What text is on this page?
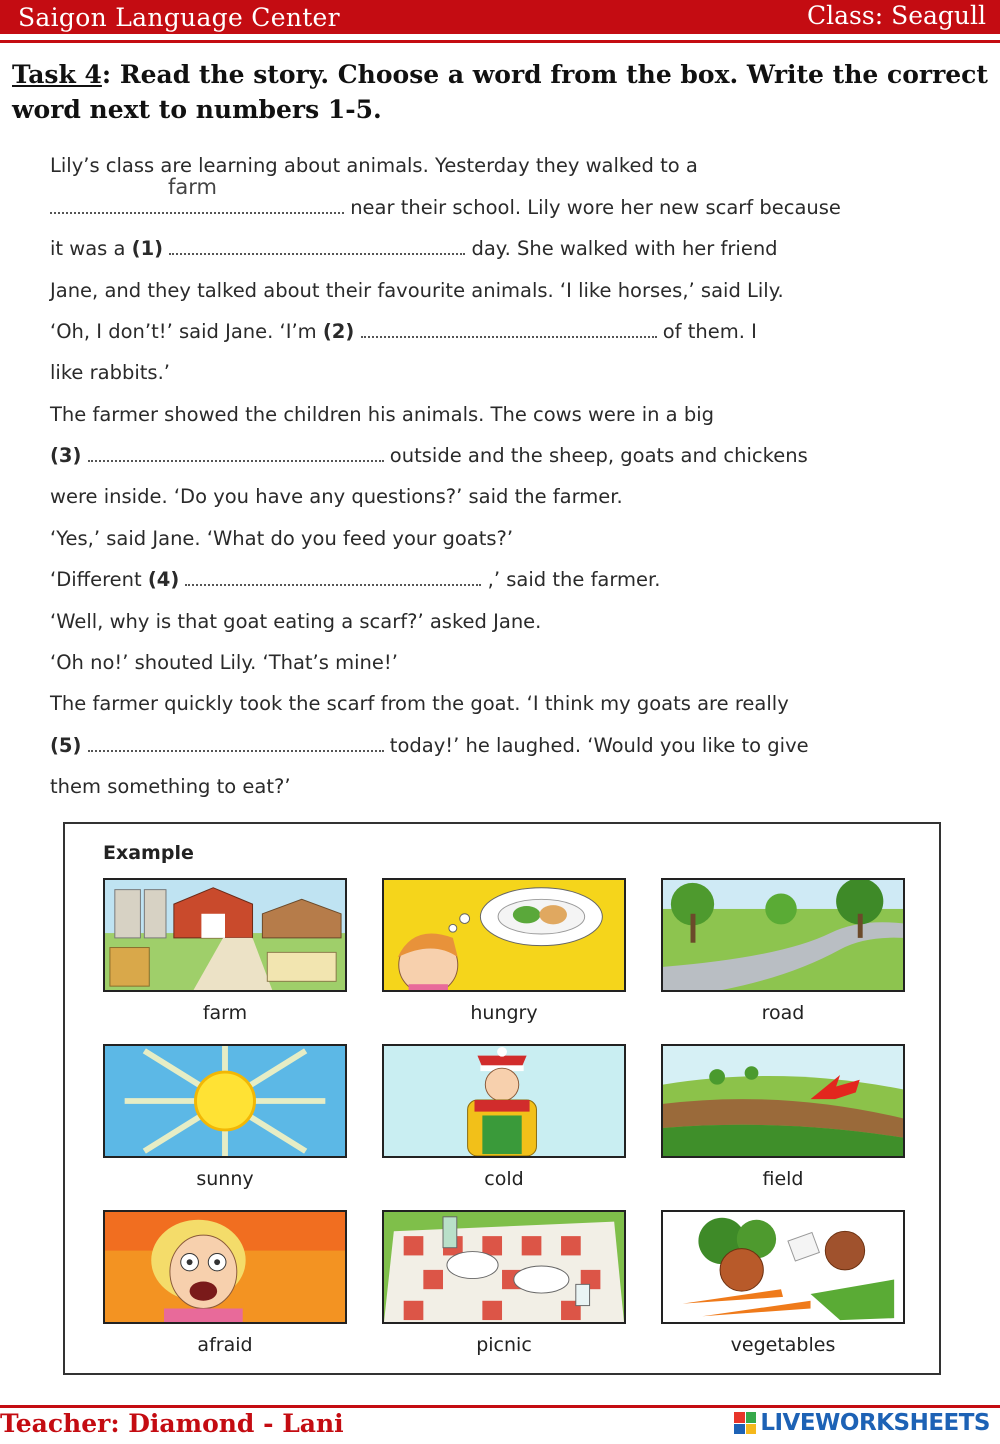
Saigon Language Center	Class: Seagull
Task 4: Read the story. Choose a word from the box. Write the correct word next to numbers 1-5.
Lily’s class are learning about animals. Yesterday they walked to a
farm
near their school. Lily wore her new scarf because
it was a (1)	day. She walked with her friend
Jane, and they talked about their favourite animals. ‘I like horses,’ said Lily.
‘Oh, I don’t!’ said Jane. ‘I’m (2)	of them. I
like rabbits.’
The farmer showed the children his animals. The cows were in a big
(3)	outside and the sheep, goats and chickens
were inside. ‘Do you have any questions?’ said the farmer.
‘Yes,’ said Jane. ‘What do you feed your goats?’
‘Different (4)	,’ said the farmer.
‘Well, why is that goat eating a scarf?’ asked Jane.
‘Oh no!’ shouted Lily. ‘That’s mine!’
The farmer quickly took the scarf from the goat. ‘I think my goats are really
(5)	today!’ he laughed. ‘Would you like to give
them something to eat?’
Example
farm	hungry	road
sunny	cold	field
afraid	picnic	vegetables
Teacher: Diamond - Lani	LIVEWORKSHEETS
